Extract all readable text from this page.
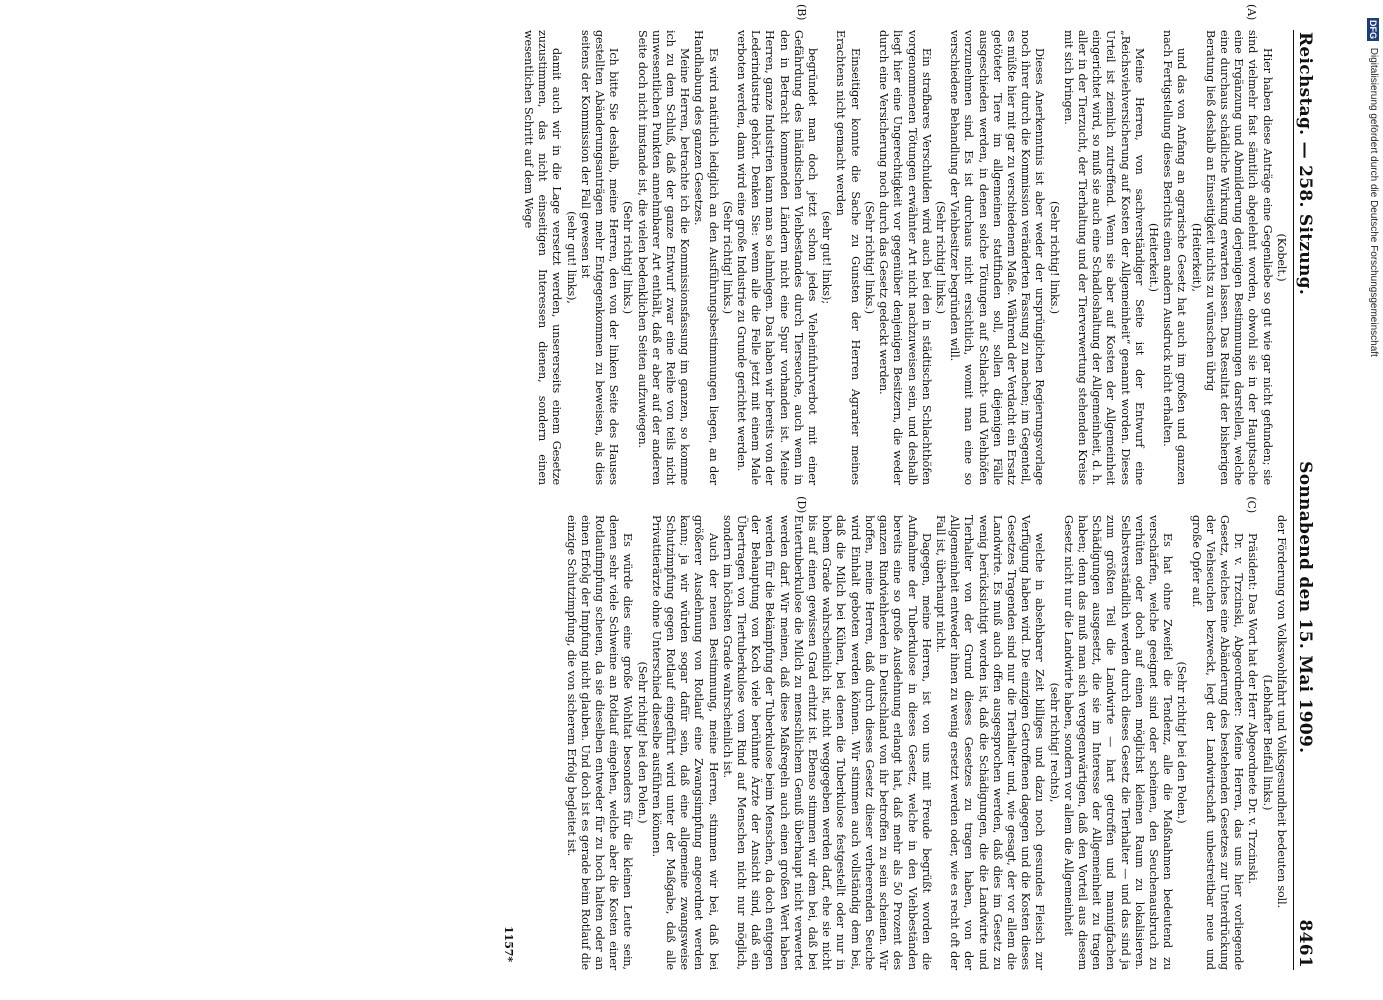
DFG Digitalisierung gefördert durch die Deutsche Forschungsgemeinschaft
Reichstag. — 258. Sitzung.
Sonnabend den 15. Mai 1909.
8461

(Kobelt.)

Hier haben diese Anträge eine Gegenliebe so gut wie gar nicht gefunden; sie sind vielmehr fast sämtlich abgelehnt worden, obwohl sie in der Hauptsache eine Ergänzung und Abmilderung derjenigen Bestimmungen darstellen, welche eine durchaus schädliche Wirkung erwarten lassen. Das Resultat der bisherigen Beratung ließ deshalb an Einseitigkeit nichts zu wünschen übrig

(Heiterkeit),

und das von Anfang an agrarische Gesetz hat auch im großen und ganzen nach Fertigstellung dieses Berichts einen andern Ausdruck nicht erhalten.

(Heiterkeit.)

Meine Herren, von sachverständiger Seite ist der Entwurf eine „Reichsviehversicherung auf Kosten der Allgemeinheit“ genannt worden. Dieses Urteil ist ziemlich zutreffend. Wenn sie aber auf Kosten der Allgemeinheit eingerichtet wird, so muß sie auch eine Schadloshaltung der Allgemeinheit, d. h. aller in der Tierzucht, der Tierhaltung und der Tierverwertung stehenden Kreise mit sich bringen.

(Sehr richtig! links.)

Dieses Anerkenntnis ist aber weder der ursprünglichen Regierungsvorlage noch ihrer durch die Kommission veränderten Fassung zu machen; im Gegenteil, es müßte hier mit gar zu verschiedenem Maße. Während der Verdacht ein Ersatz getöteter Tiere im allgemeinen stattfinden soll, sollen diejenigen Fälle ausgeschieden werden, in denen solche Tötungen auf Schlacht- und Viehhöfen vorzunehmen sind. Es ist durchaus nicht ersichtlich, womit man eine so verschiedene Behandlung der Viehbesitzer begründen will.

(Sehr richtig! links.)

Ein strafbares Verschulden wird auch bei den in städtischen Schlachthöfen vorgenommenen Tötungen erwähnter Art nicht nachzuweisen sein, und deshalb liegt hier eine Ungerechtigkeit vor gegenüber denjenigen Besitzern, die weder durch eine Versicherung noch durch das Gesetz gedeckt werden.

(Sehr richtig! links.)

Einseitiger konnte die Sache zu Gunsten der Herren Agrarier meines Erachtens nicht gemacht werden

(sehr gut! links);

begründet man doch jetzt schon jedes Vieheinfuhrverbot mit einer Gefährdung des inländischen Viehbestandes durch Tierseuche, auch wenn in den in Betracht kommenden Ländern nicht eine Spur vorhanden ist. Meine Herren, ganze Industrien kann man so lahmlegen. Das haben wir bereits von der Lederindustrie gehört. Denken Sie: wenn alle die Felle jetzt mit einem Male verboten werden, dann wird eine große Industrie zu Grunde gerichtet werden.

(Sehr richtig! links.)

Es wird natürlich lediglich an den Ausführungsbestimmungen liegen, an der Handhabung des ganzen Gesetzes.

Meine Herren, betrachte ich die Kommissionsfassung im ganzen, so komme ich zu dem Schluß, daß der ganze Entwurf zwar eine Reihe von teils nicht unwesentlichen Punkten annehmbarer Art enthält, daß er aber auf der anderen Seite doch nicht imstande ist, die vielen bedenklichen Seiten aufzuwiegen.

(Sehr richtig! links.)

Ich bitte Sie deshalb, meine Herren, den von der linken Seite des Hauses gestellten Abänderungsanträgen mehr Entgegenkommen zu beweisen, als dies seitens der Kommission der Fall gewesen ist

(sehr gut! links),

damit auch wir in die Lage versetzt werden, unsererseits einem Gesetze zuzustimmen, das nicht einseitigen Interessen dienen, sondern einen wesentlichen Schritt auf dem Wege

der Förderung von Volkswohlfahrt und Volksgesundheit bedeuten soll.

(Lebhafter Beifall links.)

Präsident: Das Wort hat der Herr Abgeordnete Dr. v. Trzcinski.

Dr. v. Trzcinski, Abgeordneter: Meine Herren, das uns hier vorliegende Gesetz, welches eine Abänderung des bestehenden Gesetzes zur Unterdrückung der Viehseuchen bezweckt, legt der Landwirtschaft unbestreitbar neue und große Opfer auf.

(Sehr richtig! bei den Polen.)

Es hat ohne Zweifel die Tendenz, alle die Maßnahmen bedeutend zu verschärfen, welche geeignet sind oder scheinen, den Seuchenausbruch zu verhüten oder doch auf einen möglichst kleinen Raum zu lokalisieren. Selbstverständlich werden durch dieses Gesetz die Tierhalter — und das sind ja zum größten Teil die Landwirte — hart getroffen und mannigfachen Schädigungen ausgesetzt, die sie im Interesse der Allgemeinheit zu tragen haben; denn das muß man sich vergegenwärtigen, daß den Vorteil aus diesem Gesetz nicht nur die Landwirte haben, sondern vor allem die Allgemeinheit

(sehr richtig! rechts),

welche in absehbarer Zeit billiges und dazu noch gesundes Fleisch zur Verfügung haben wird. Die einzigen Getroffenen dagegen und die Kosten dieses Gesetzes Tragenden sind nur die Tierhalter und, wie gesagt, der vor allem die Landwirte. Es muß auch offen ausgesprochen werden, daß dies im Gesetz zu wenig berücksichtigt worden ist, daß die Schädigungen, die die Landwirte und Tierhalter von der Grund dieses Gesetzes zu tragen haben, von der Allgemeinheit entweder ihnen zu wenig ersetzt werden oder, wie es recht oft der Fall ist, überhaupt nicht.

Dagegen, meine Herren, ist von uns mit Freude begrüßt worden die Aufnahme der Tuberkulose in dieses Gesetz, welche in den Viehbeständen bereits eine so große Ausdehnung erlangt hat, daß mehr als 50 Prozent des ganzen Rindviehherden in Deutschland von ihr betroffen zu sein scheinen. Wir hoffen, meine Herren, daß durch dieses Gesetz dieser verheerenden Seuche wird Einhalt geboten werden können. Wir stimmen auch vollständig dem bei, daß die Milch bei Kühen, bei denen die Tuberkulose festgestellt oder nur in hohem Grade wahrscheinlich ist, nicht weggegeben werden darf, ehe sie nicht bis auf einen gewissen Grad erhitzt ist. Ebenso stimmen wir dem bei, daß bei Eutertuberkulose die Milch zu menschlichem Genuß überhaupt nicht verwertet werden darf. Wir meinen, daß diese Maßregeln auch einen großen Wert haben werden für die Bekämpfung der Tuberkulose beim Menschen, da doch entgegen der Behauptung von Koch viele berühmte Ärzte der Ansicht sind, daß ein Übertragen von Tiertuberkulose vom Rind auf Menschen nicht nur möglich, sondern im höchsten Grade wahrscheinlich ist.

Auch der neuen Bestimmung, meine Herren, stimmen wir bei, daß bei größerer Ausdehnung von Rotlauf eine Zwangsimpfung angeordnet werden kann; ja wir würden sogar dafür sein, daß eine allgemeine zwangsweise Schutzimpfung gegen Rotlauf eingeführt wird unter der Maßgabe, daß alle Privattierärzte ohne Unterschied dieselbe ausführen können.

(Sehr richtig! bei den Polen.)

Es würde dies eine große Wohltat besonders für die kleinen Leute sein, denen sehr viele Schweine an Rotlauf eingehen, welche aber die Kosten einer Rotlaufimpfung scheuen, da sie dieselben entweder für zu hoch halten oder an einen Erfolg der Impfung nicht glauben. Und doch ist es gerade beim Rotlauf die einzige Schutzimpfung, die von sicherem Erfolg begleitet ist.

(A)
(B)
(C)
(D)
1157*
